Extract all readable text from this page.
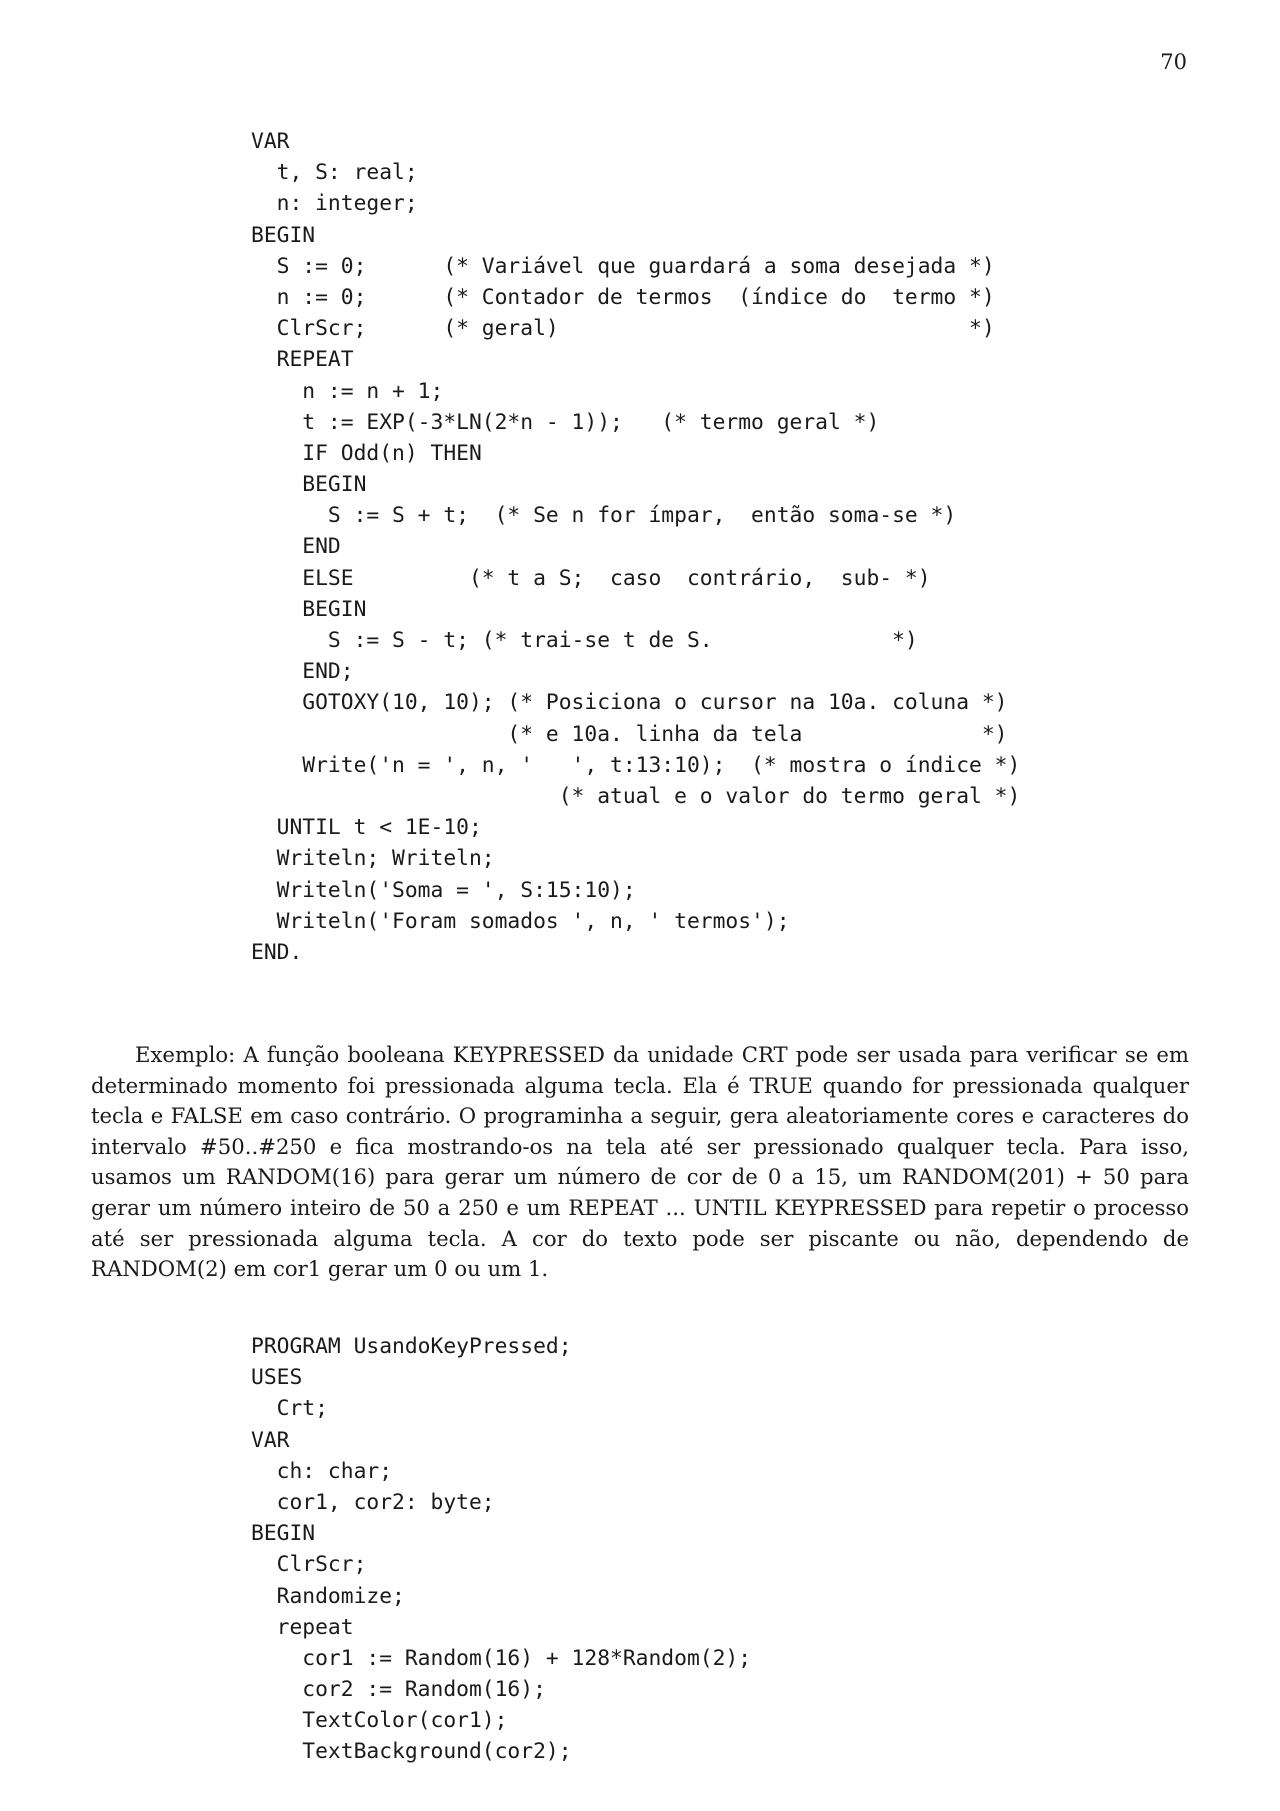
70
VAR
t, S: real;
n: integer;
BEGIN
S := 0;      (* Variável que guardará a soma desejada *)
n := 0;      (* Contador de termos  (índice do  termo *)
ClrScr;      (* geral)                                *)
REPEAT
n := n + 1;
t := EXP(-3*LN(2*n - 1));   (* termo geral *)
IF Odd(n) THEN
BEGIN
S := S + t;  (* Se n for ímpar,  então soma-se *)
END
ELSE         (* t a S;  caso  contrário,  sub- *)
BEGIN
S := S - t; (* trai-se t de S.              *)
END;
GOTOXY(10, 10); (* Posiciona o cursor na 10a. coluna *)
(* e 10a. linha da tela              *)
Write('n = ', n, '   ', t:13:10);  (* mostra o índice *)
(* atual e o valor do termo geral *)
UNTIL t < 1E-10;
Writeln; Writeln;
Writeln('Soma = ', S:15:10);
Writeln('Foram somados ', n, ' termos');
END.

Exemplo: A função booleana KEYPRESSED da unidade CRT pode ser usada para verificar se em determinado momento foi pressionada alguma tecla. Ela é TRUE quando for pressionada qualquer tecla e FALSE em caso contrário. O programinha a seguir, gera aleatoriamente cores e caracteres do intervalo #50..#250 e fica mostrando-os na tela até ser pressionado qualquer tecla. Para isso, usamos um RANDOM(16) para gerar um número de cor de 0 a 15, um RANDOM(201) + 50 para gerar um número inteiro de 50 a 250 e um REPEAT ... UNTIL KEYPRESSED para repetir o processo até ser pressionada alguma tecla. A cor do texto pode ser piscante ou não, dependendo de RANDOM(2) em cor1 gerar um 0 ou um 1.

PROGRAM UsandoKeyPressed;
USES
Crt;
VAR
ch: char;
cor1, cor2: byte;
BEGIN
ClrScr;
Randomize;
repeat
cor1 := Random(16) + 128*Random(2);
cor2 := Random(16);
TextColor(cor1);
TextBackground(cor2);
